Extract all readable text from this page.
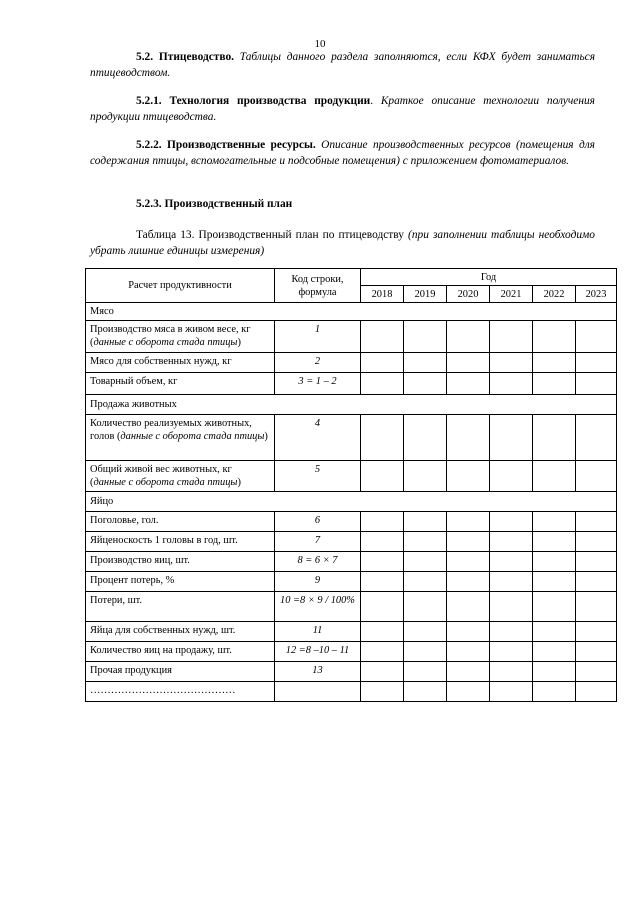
10

5.2. Птицеводство. Таблицы данного раздела заполняются, если КФХ будет заниматься птицеводством.

5.2.1. Технология производства продукции. Краткое описание технологии получения продукции птицеводства.

5.2.2. Производственные ресурсы. Описание производственных ресурсов (помещения для содержания птицы, вспомогательные и подсобные помещения) с приложением фотоматериалов.

5.2.3. Производственный план

Таблица 13. Производственный план по птицеводству (при заполнении таблицы необходимо убрать лишние единицы измерения)

Расчет продуктивности	Код строки, формула	Год					
		2018	2019	2020	2021	2022	2023
Мясо							
Производство мяса в живом весе, кг (данные с оборота стада птицы)	1						
Мясо для собственных нужд, кг	2						
Товарный объем, кг	3 = 1 – 2						
Продажа животных							
Количество реализуемых животных, голов (данные с оборота стада птицы)	4						
Общий живой вес животных, кг (данные с оборота стада птицы)	5						
Яйцо							
Поголовье, гол.	6						
Яйценоскость 1 головы в год, шт.	7						
Производство яиц, шт.	8 = 6 × 7						
Процент потерь, %	9						
Потери, шт.	10 =8 × 9 / 100%						
Яйца для собственных нужд, шт.	11						
Количество яиц на продажу, шт.	12 =8 –10 – 11						
Прочая продукция	13						
……………………………………							
